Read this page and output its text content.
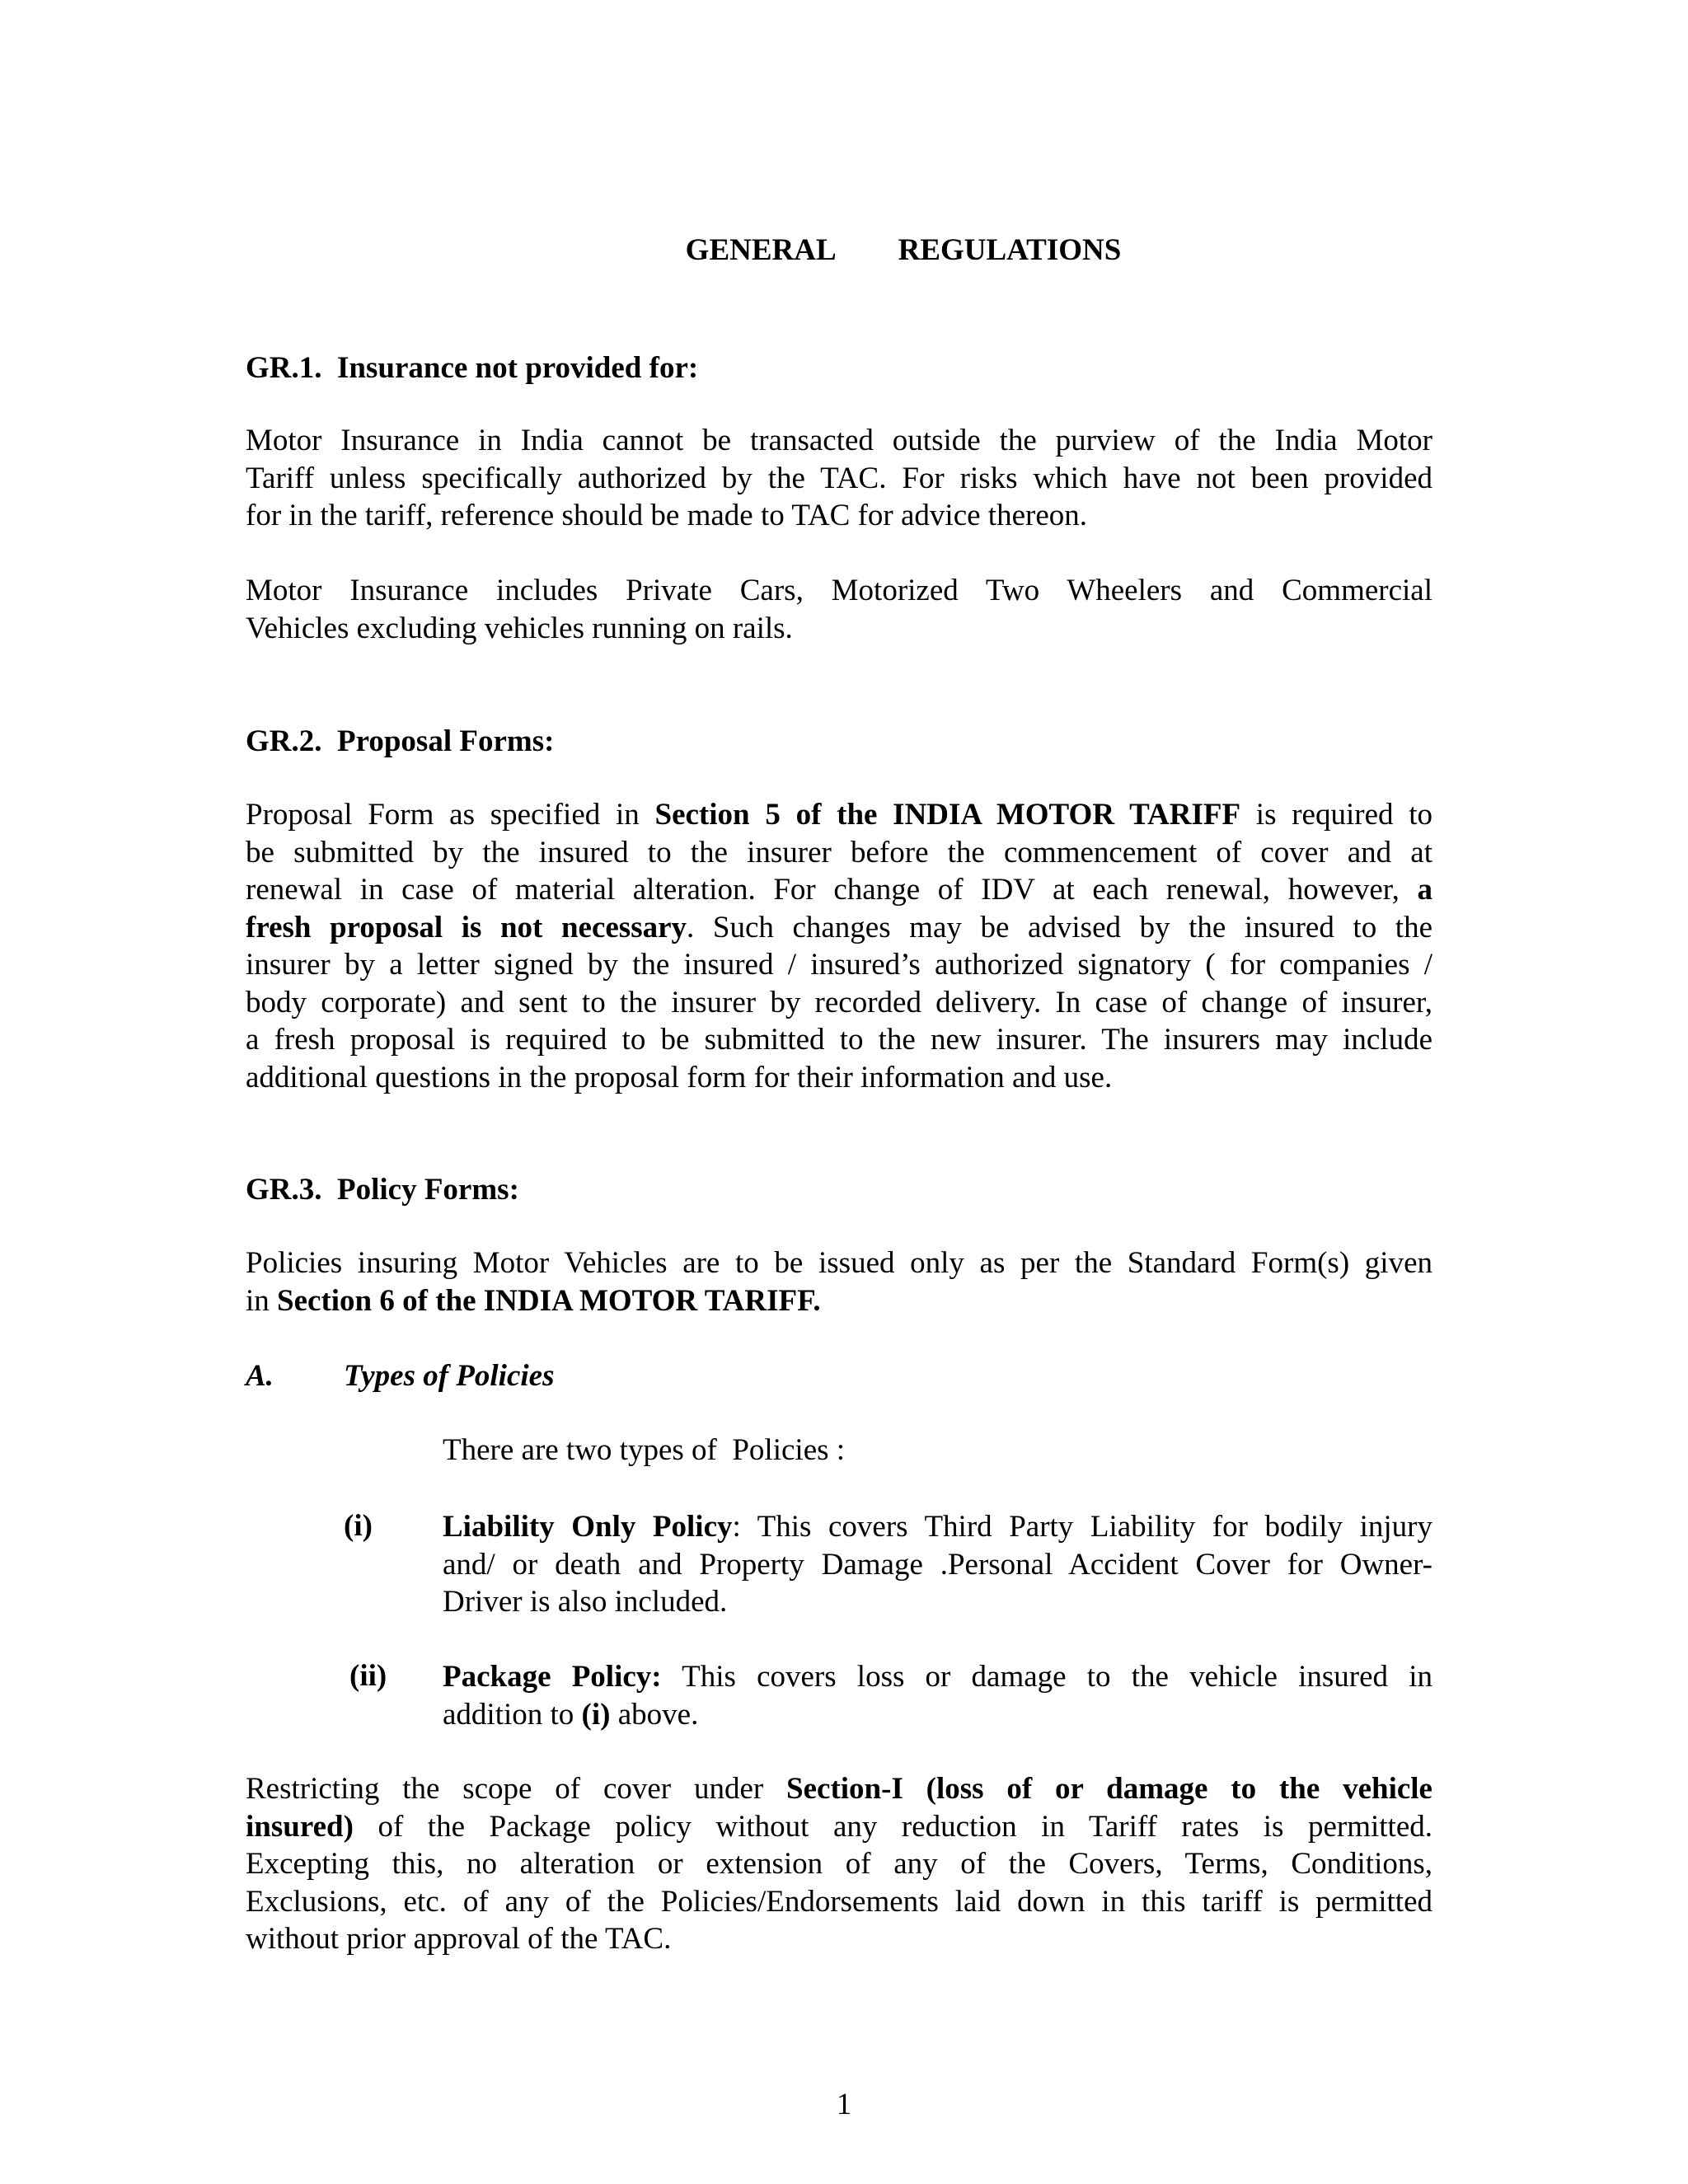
GENERAL    REGULATIONS
GR.1.  Insurance not provided for:
Motor Insurance in India cannot be transacted outside the purview of the India Motor
Tariff unless specifically authorized by the TAC. For risks which have not been provided
for in the tariff, reference should be made to TAC for advice thereon.
Motor Insurance includes Private Cars, Motorized Two Wheelers and Commercial
Vehicles excluding vehicles running on rails.
GR.2.  Proposal Forms:
Proposal Form as specified in Section 5 of the INDIA MOTOR TARIFF is required to
be submitted by the insured to the insurer before the commencement of cover and at
renewal in case of material alteration. For change of IDV at each renewal, however, a
fresh proposal is not necessary. Such changes may be advised by the insured to the
insurer by a letter signed by the insured / insured’s authorized signatory ( for companies /
body corporate) and sent to the insurer by recorded delivery. In case of change of insurer,
a fresh proposal is required to be submitted to the new insurer. The insurers may include
additional questions in the proposal form for their information and use.
GR.3.  Policy Forms:
Policies insuring Motor Vehicles are to be issued only as per the Standard Form(s) given
in Section 6 of the INDIA MOTOR TARIFF.
A. Types of Policies
There are two types of  Policies :
(i) Liability Only Policy: This covers Third Party Liability for bodily injury
and/ or death and Property Damage .Personal Accident Cover for Owner-
Driver is also included.
(ii) Package Policy: This covers loss or damage to the vehicle insured in
addition to (i) above.
Restricting the scope of cover under Section-I (loss of or damage to the vehicle
insured) of the Package policy without any reduction in Tariff rates is permitted.
Excepting this, no alteration or extension of any of the Covers, Terms, Conditions,
Exclusions, etc. of any of the Policies/Endorsements laid down in this tariff is permitted
without prior approval of the TAC.
1
